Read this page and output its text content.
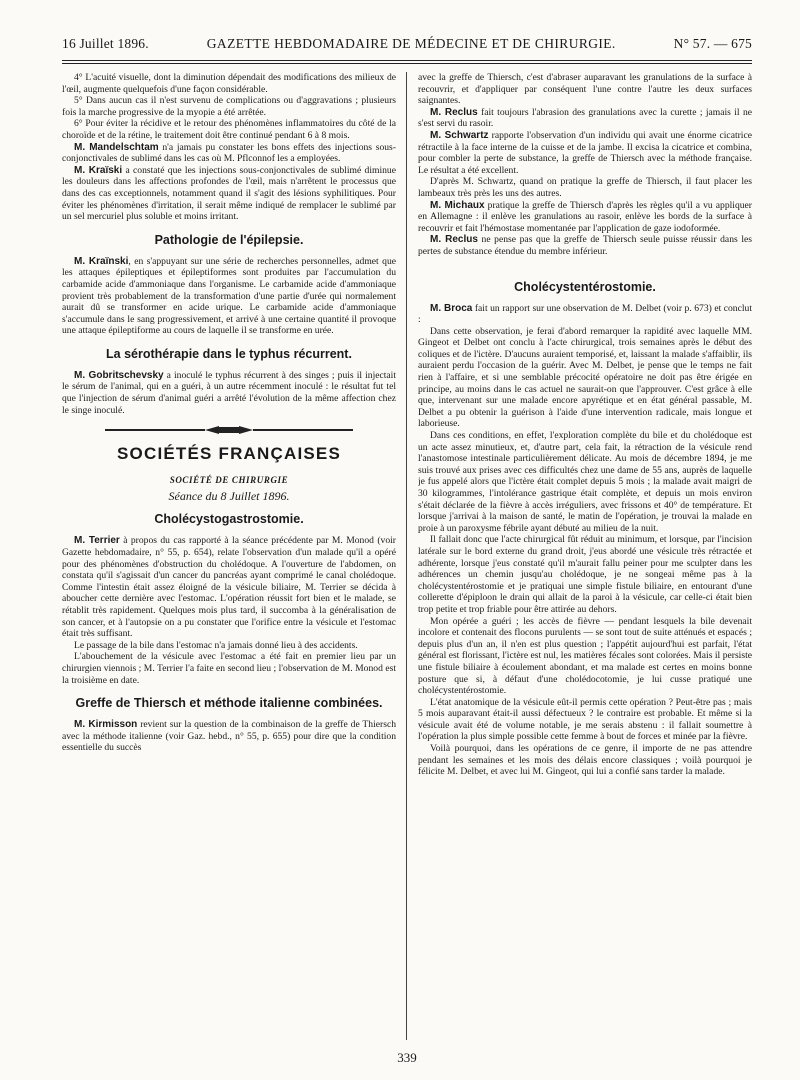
16 Juillet 1896.	GAZETTE HEBDOMADAIRE DE MÉDECINE ET DE CHIRURGIE.	N° 57. — 675

4° L'acuité visuelle, dont la diminution dépendait des modifications des milieux de l'œil, augmente quelquefois d'une façon considérable.

5° Dans aucun cas il n'est survenu de complications ou d'aggravations ; plusieurs fois la marche progressive de la myopie a été arrêtée.

6° Pour éviter la récidive et le retour des phénomènes inflammatoires du côté de la choroïde et de la rétine, le traitement doit être continué pendant 6 à 8 mois.

M. Mandelschtam n'a jamais pu constater les bons effets des injections sous-conjonctivales de sublimé dans les cas où M. Pflconnof les a employées.

M. Kraïski a constaté que les injections sous-conjonctivales de sublimé diminue les douleurs dans les affections profondes de l'œil, mais n'arrêtent le processus que dans des cas exceptionnels, notamment quand il s'agit des lésions syphilitiques. Pour éviter les phénomènes d'irritation, il serait même indiqué de remplacer le sublimé par un sel mercuriel plus soluble et moins irritant.

Pathologie de l'épilepsie.

M. Kraïnski, en s'appuyant sur une série de recherches personnelles, admet que les attaques épileptiques et épileptiformes sont produites par l'accumulation du carbamide acide d'ammoniaque dans l'organisme. Le carbamide acide d'ammoniaque provient très probablement de la transformation d'une partie d'urée qui normalement aurait dû se transformer en acide urique. Le carbamide acide d'ammoniaque s'accumule dans le sang progressivement, et arrivé à une certaine quantité il provoque une attaque épileptiforme au cours de laquelle il se transforme en urée.

La sérothérapie dans le typhus récurrent.

M. Gobritschevsky a inoculé le typhus récurrent à des singes ; puis il injectait le sérum de l'animal, qui en a guéri, à un autre récemment inoculé : le résultat fut tel que l'injection de sérum d'animal guéri a arrêté l'évolution de la même affection chez le singe inoculé.

SOCIÉTÉS FRANÇAISES
SOCIÉTÉ DE CHIRURGIE
Séance du 8 Juillet 1896.
Cholécystogastrostomie.

M. Terrier à propos du cas rapporté à la séance précédente par M. Monod (voir Gazette hebdomadaire, n° 55, p. 654), relate l'observation d'un malade qu'il a opéré pour des phénomènes d'obstruction du cholédoque. A l'ouverture de l'abdomen, on constata qu'il s'agissait d'un cancer du pancréas ayant comprimé le canal cholédoque. Comme l'intestin était assez éloigné de la vésicule biliaire, M. Terrier se décida à aboucher cette dernière avec l'estomac. L'opération réussit fort bien et le malade, se rétablit très rapidement. Quelques mois plus tard, il succomba à la généralisation de son cancer, et à l'autopsie on a pu constater que l'orifice entre la vésicule et l'estomac était très suffisant.

Le passage de la bile dans l'estomac n'a jamais donné lieu à des accidents.

L'abouchement de la vésicule avec l'estomac a été fait en premier lieu par un chirurgien viennois ; M. Terrier l'a faite en second lieu ; l'observation de M. Monod est la troisième en date.

Greffe de Thiersch et méthode italienne combinées.

M. Kirmisson revient sur la question de la combinaison de la greffe de Thiersch avec la méthode italienne (voir Gaz. hebd., n° 55, p. 655) pour dire que la condition essentielle du succès

avec la greffe de Thiersch, c'est d'abraser auparavant les granulations de la surface à recouvrir, et d'appliquer par conséquent l'une contre l'autre les deux surfaces saignantes.

M. Reclus fait toujours l'abrasion des granulations avec la curette ; jamais il ne s'est servi du rasoir.

M. Schwartz rapporte l'observation d'un individu qui avait une énorme cicatrice rétractile à la face interne de la cuisse et de la jambe. Il excisa la cicatrice et combina, pour combler la perte de substance, la greffe de Thiersch avec la méthode française. Le résultat a été excellent.

D'après M. Schwartz, quand on pratique la greffe de Thiersch, il faut placer les lambeaux très près les uns des autres.

M. Michaux pratique la greffe de Thiersch d'après les règles qu'il a vu appliquer en Allemagne : il enlève les granulations au rasoir, enlève les bords de la surface à recouvrir et fait l'hémostase momentanée par l'application de gaze iodoformée.

M. Reclus ne pense pas que la greffe de Thiersch seule puisse réussir dans les pertes de substance étendue du membre inférieur.

Cholécystentérostomie.

M. Broca fait un rapport sur une observation de M. Delbet (voir p. 673) et conclut :

Dans cette observation, je ferai d'abord remarquer la rapidité avec laquelle MM. Gingeot et Delbet ont conclu à l'acte chirurgical, trois semaines après le début des coliques et de l'ictère. D'aucuns auraient temporisé, et, laissant la malade s'affaiblir, ils auraient perdu l'occasion de la guérir. Avec M. Delbet, je pense que le temps ne fait rien à l'affaire, et si une semblable précocité opératoire ne doit pas être érigée en principe, au moins dans le cas actuel ne saurait-on que l'approuver. C'est grâce à elle que, intervenant sur une malade encore apyrétique et en état général passable, M. Delbet a pu obtenir la guérison à l'aide d'une intervention radicale, mais longue et laborieuse.

Dans ces conditions, en effet, l'exploration complète du bile et du cholédoque est un acte assez minutieux, et, d'autre part, cela fait, la rétraction de la vésicule rend l'anastomose intestinale particulièrement délicate. Au mois de décembre 1894, je me suis trouvé aux prises avec ces difficultés chez une dame de 55 ans, auprès de laquelle je fus appelé alors que l'ictère était complet depuis 5 mois ; la malade avait maigri de 30 kilogrammes, l'intolérance gastrique était complète, et depuis un mois environ s'était déclarée de la fièvre à accès irréguliers, avec frissons et 40° de température. Et lorsque j'arrivai à la maison de santé, le matin de l'opération, je trouvai la malade en proie à un paroxysme fébrile ayant débuté au milieu de la nuit.

Il fallait donc que l'acte chirurgical fût réduit au minimum, et lorsque, par l'incision latérale sur le bord externe du grand droit, j'eus abordé une vésicule très rétractée et adhérente, lorsque j'eus constaté qu'il m'aurait fallu peiner pour me sculpter dans les adhérences un chemin jusqu'au cholédoque, je ne songeai même pas à la cholécystentérostomie et je pratiquai une simple fistule biliaire, en entourant d'une collerette d'épiploon le drain qui allait de la paroi à la vésicule, car celle-ci était bien trop petite et trop friable pour être attirée au dehors.

Mon opérée a guéri ; les accès de fièvre — pendant lesquels la bile devenait incolore et contenait des flocons purulents — se sont tout de suite atténués et espacés ; depuis plus d'un an, il n'en est plus question ; l'appétit aujourd'hui est parfait, l'état général est florissant, l'ictère est nul, les matières fécales sont colorées. Mais il persiste une fistule biliaire à écoulement abondant, et ma malade est certes en moins bonne posture que si, à défaut d'une cholédocotomie, je lui cusse pratiqué une cholécystentérostomie.

L'état anatomique de la vésicule eût-il permis cette opération ? Peut-être pas ; mais 5 mois auparavant était-il aussi défectueux ? le contraire est probable. Et même si la vésicule avait été de volume notable, je me serais abstenu : il fallait soumettre à l'opération la plus simple possible cette femme à bout de forces et minée par la fièvre.

Voilà pourquoi, dans les opérations de ce genre, il importe de ne pas attendre pendant les semaines et les mois des délais encore classiques ; voilà pourquoi je félicite M. Delbet, et avec lui M. Gingeot, qui lui a confié sans tarder la malade.

339
